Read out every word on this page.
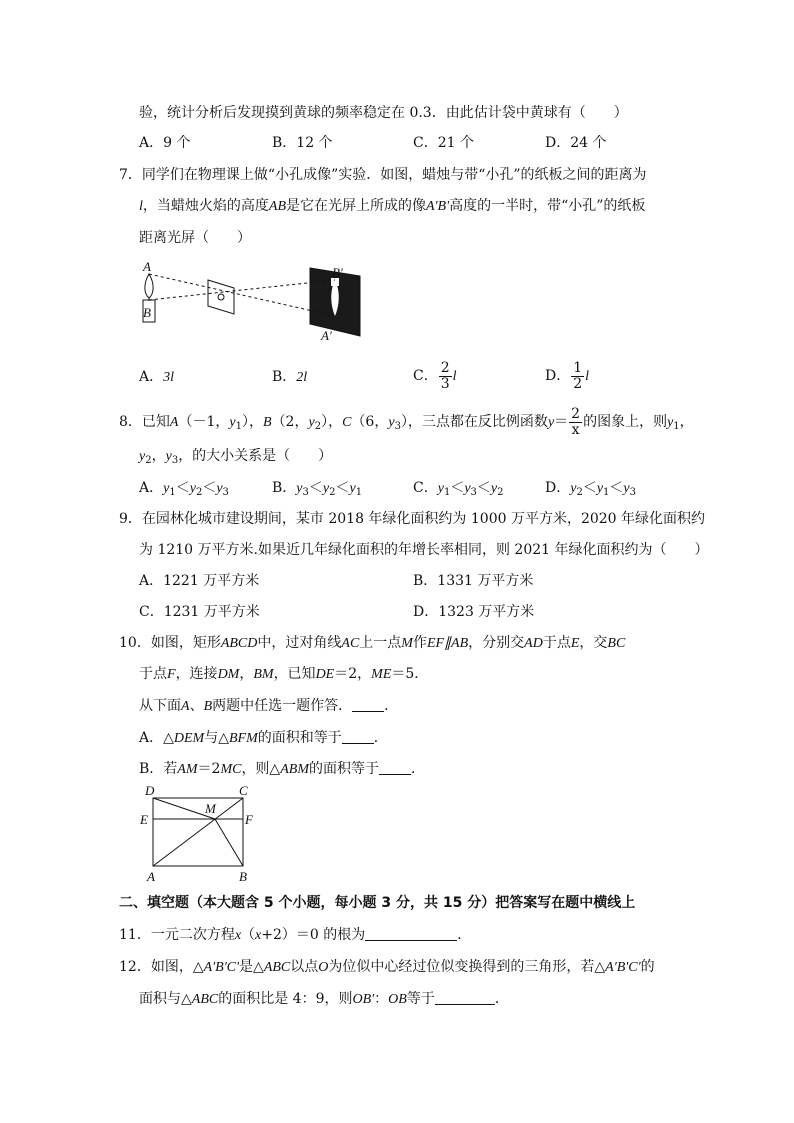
验，统计分析后发现摸到黄球的频率稳定在 0.3．由此估计袋中黄球有（　　）
A．9 个	B．12 个	C．21 个	D．24 个
7．同学们在物理课上做“小孔成像”实验．如图，蜡烛与带“小孔”的纸板之间的距离为
l，当蜡烛火焰的高度AB是它在光屏上所成的像A'B'高度的一半时，带“小孔”的纸板
距离光屏（　　）
A
B
B′
A′
A．3l	B．2l	C． $\frac{2}{3}$ l	D． $\frac{1}{2}$ l
8．已知A（－1，$y_1$），B（2，$y_2$），C（6，$y_3$），三点都在反比例函数$y= \frac{2}{x}$ 的图象上，则$y_1$，
$y_2$，$y_3$，的大小关系是（　　）
A．$y_1<y_2<y_3$	B．$y_3<y_2<y_1$	C．$y_1<y_3<y_2$	D．$y_2<y_1<y_3$
9．在园林化城市建设期间，某市 2018 年绿化面积约为 1000 万平方米，2020 年绿化面积约
为 1210 万平方米.如果近几年绿化面积的年增长率相同，则 2021 年绿化面积约为（　　）
A．1221 万平方米	B．1331 万平方米
C．1231 万平方米	D．1323 万平方米
10．如图，矩形ABCD中，过对角线AC上一点M作EF∥AB，分别交AD于点E，交BC
于点F，连接DM，BM，已知DE＝2，ME＝5．
从下面A、B两题中任选一题作答． ．
A．△DEM与△BFM的面积和等于 ．
B．若AM＝2MC，则△ABM的面积等于 ．
D	C
M
E	F
A	B
二、填空题（本大题含 5 个小题，每小题 3 分，共 15 分）把答案写在题中横线上
11．一元二次方程x（x+2）＝0 的根为	．
12．如图，△A'B'C'是△ABC以点O为位似中心经过位似变换得到的三角形，若△A'B'C'的
面积与△ABC的面积比是 4：9，则OB'：OB等于	．
